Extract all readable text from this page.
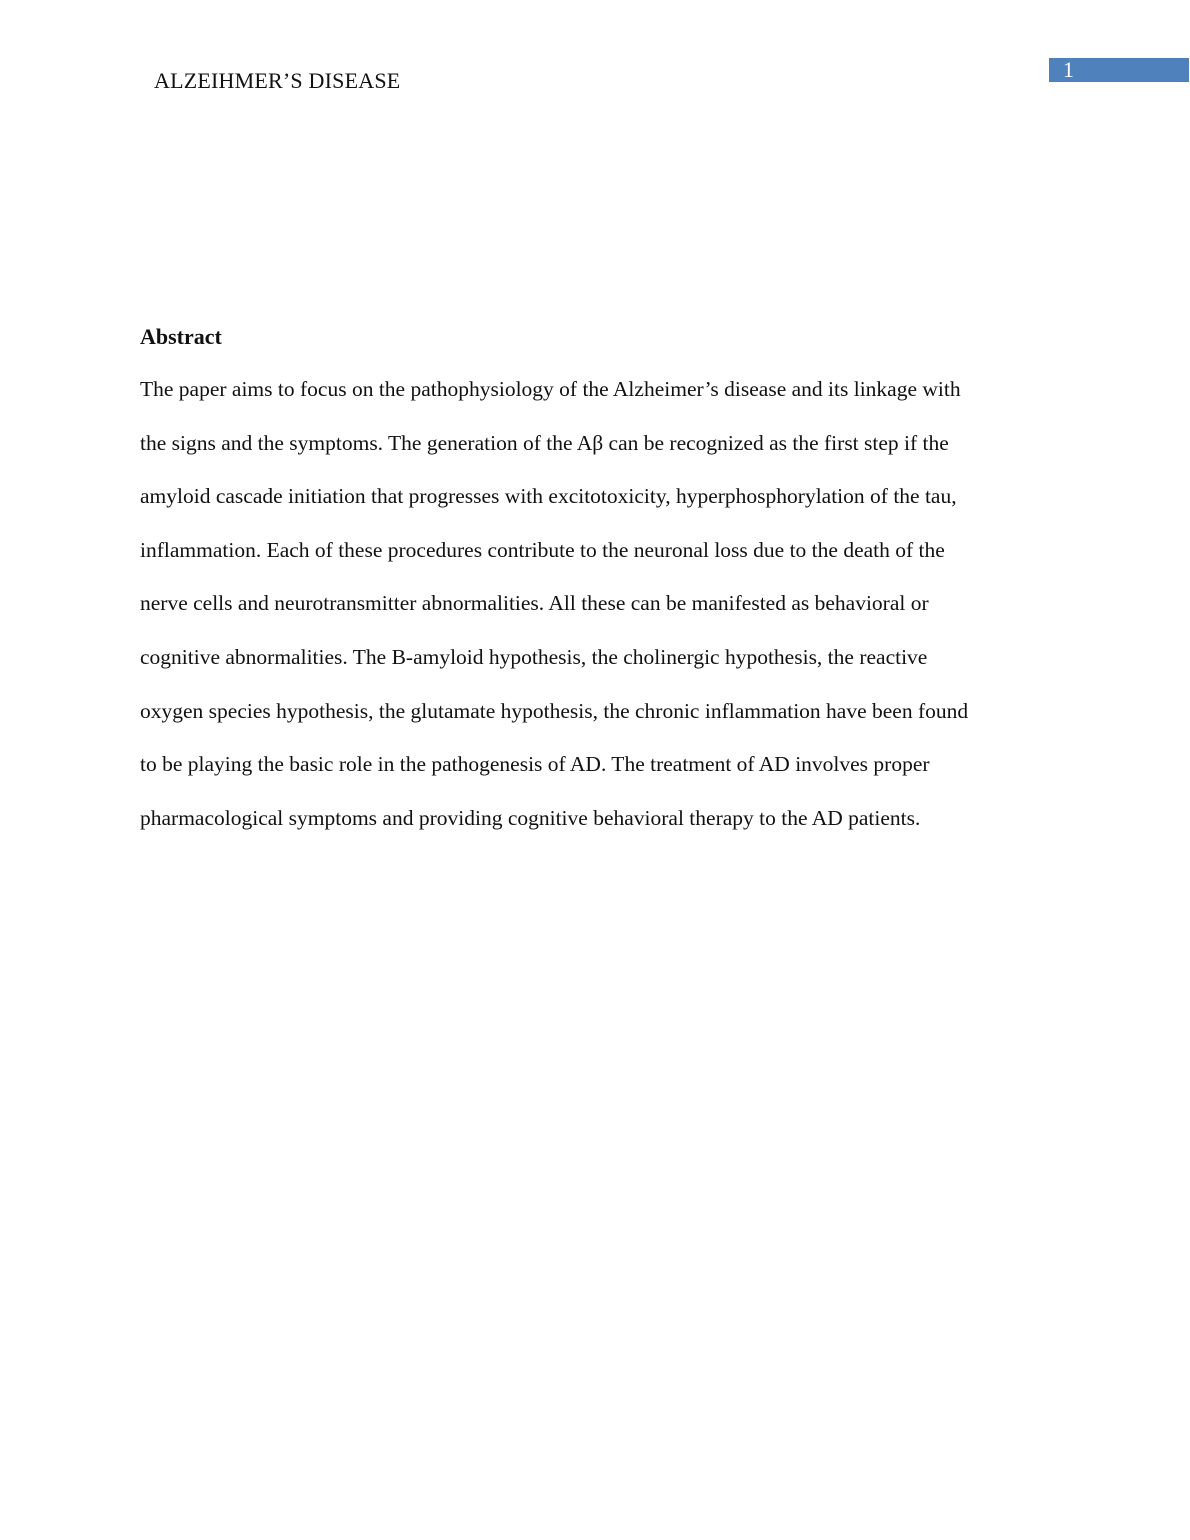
ALZEIHMER’S DISEASE	1
Abstract
The paper aims to focus on the pathophysiology of the Alzheimer’s disease and its linkage with
the signs and the symptoms. The generation of the Aβ can be recognized as the first step if the
amyloid cascade initiation that progresses with excitotoxicity, hyperphosphorylation of the tau,
inflammation. Each of these procedures contribute to the neuronal loss due to the death of the
nerve cells and neurotransmitter abnormalities. All these can be manifested as behavioral or
cognitive abnormalities. The B-amyloid hypothesis, the cholinergic hypothesis, the reactive
oxygen species hypothesis, the glutamate hypothesis, the chronic inflammation have been found
to be playing the basic role in the pathogenesis of AD. The treatment of AD involves proper
pharmacological symptoms and providing cognitive behavioral therapy to the AD patients.
